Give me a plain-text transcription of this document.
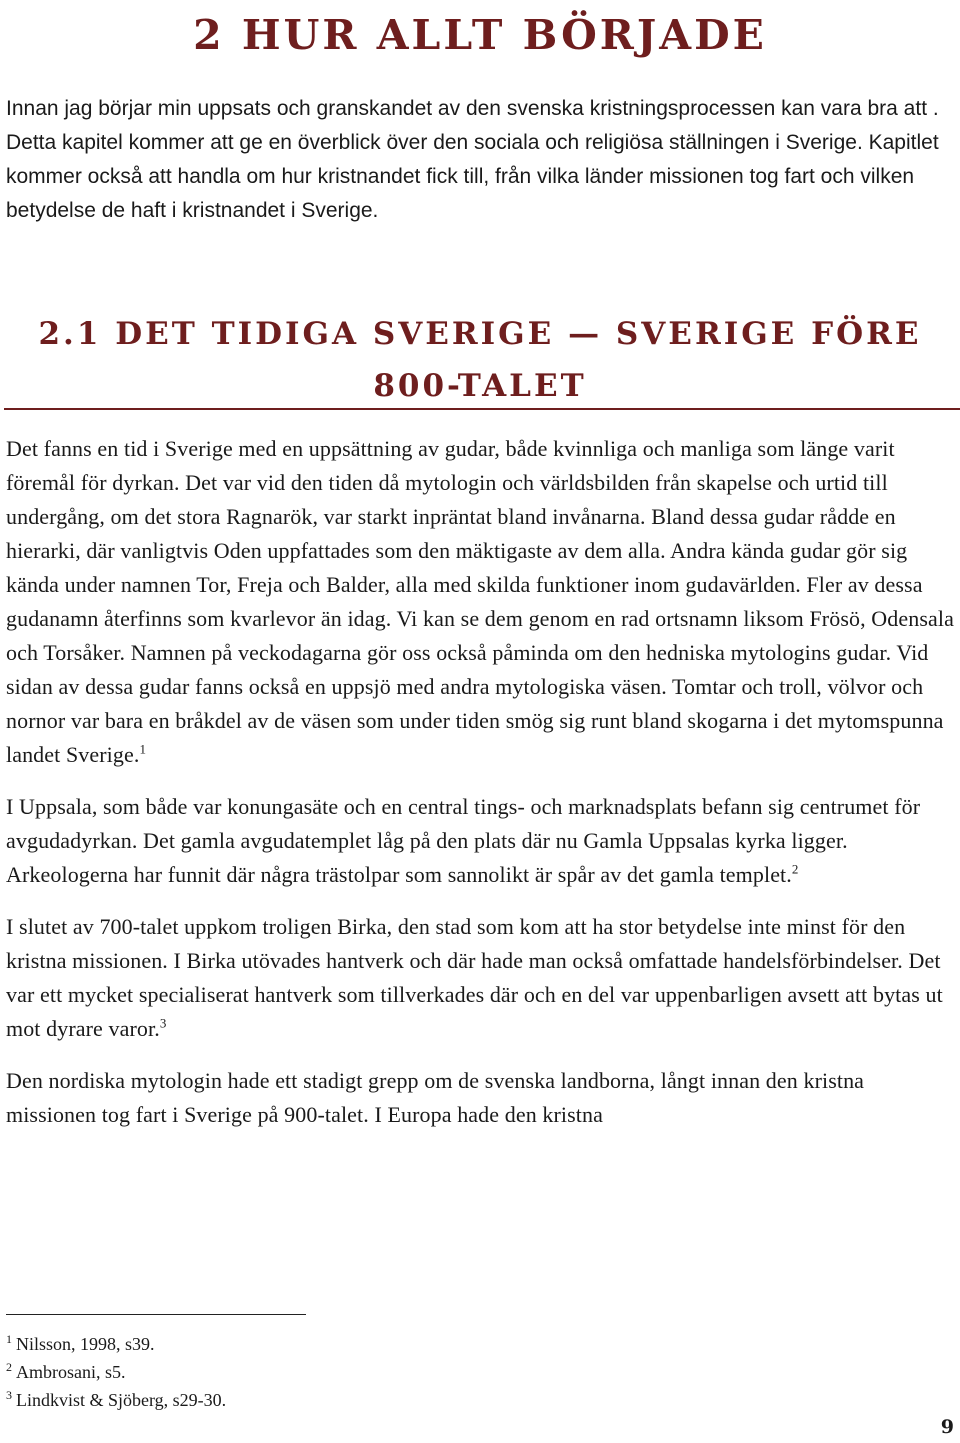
2 HUR ALLT BÖRJADE

Innan jag börjar min uppsats och granskandet av den svenska kristningsprocessen kan vara bra att . Detta kapitel kommer att ge en överblick över den sociala och religiösa ställningen i Sverige. Kapitlet kommer också att handla om hur kristnandet fick till, från vilka länder missionen tog fart och vilken betydelse de haft i kristnandet i Sverige.

2.1 DET TIDIGA SVERIGE — SVERIGE FÖRE 800-TALET

Det fanns en tid i Sverige med en uppsättning av gudar, både kvinnliga och manliga som länge varit föremål för dyrkan. Det var vid den tiden då mytologin och världsbilden från skapelse och urtid till undergång, om det stora Ragnarök, var starkt inpräntat bland invånarna. Bland dessa gudar rådde en hierarki, där vanligtvis Oden uppfattades som den mäktigaste av dem alla. Andra kända gudar gör sig kända under namnen Tor, Freja och Balder, alla med skilda funktioner inom gudavärlden. Fler av dessa gudanamn återfinns som kvarlevor än idag. Vi kan se dem genom en rad ortsnamn liksom Frösö, Odensala och Torsåker. Namnen på veckodagarna gör oss också påminda om den hedniska mytologins gudar. Vid sidan av dessa gudar fanns också en uppsjö med andra mytologiska väsen. Tomtar och troll, völvor och nornor var bara en bråkdel av de väsen som under tiden smög sig runt bland skogarna i det mytomspunna landet Sverige.$^1$

I Uppsala, som både var konungasäte och en central tings- och marknadsplats befann sig centrumet för avgudadyrkan. Det gamla avgudatemplet låg på den plats där nu Gamla Uppsalas kyrka ligger. Arkeologerna har funnit där några trästolpar som sannolikt är spår av det gamla templet.$^2$

I slutet av 700-talet uppkom troligen Birka, den stad som kom att ha stor betydelse inte minst för den kristna missionen. I Birka utövades hantverk och där hade man också omfattade handelsförbindelser. Det var ett mycket specialiserat hantverk som tillverkades där och en del var uppenbarligen avsett att bytas ut mot dyrare varor.$^3$

Den nordiska mytologin hade ett stadigt grepp om de svenska landborna, långt innan den kristna missionen tog fart i Sverige på 900-talet. I Europa hade den kristna

$^1$ Nilsson, 1998, s39.

$^2$ Ambrosani, s5.

$^3$ Lindkvist & Sjöberg, s29-30.

9
